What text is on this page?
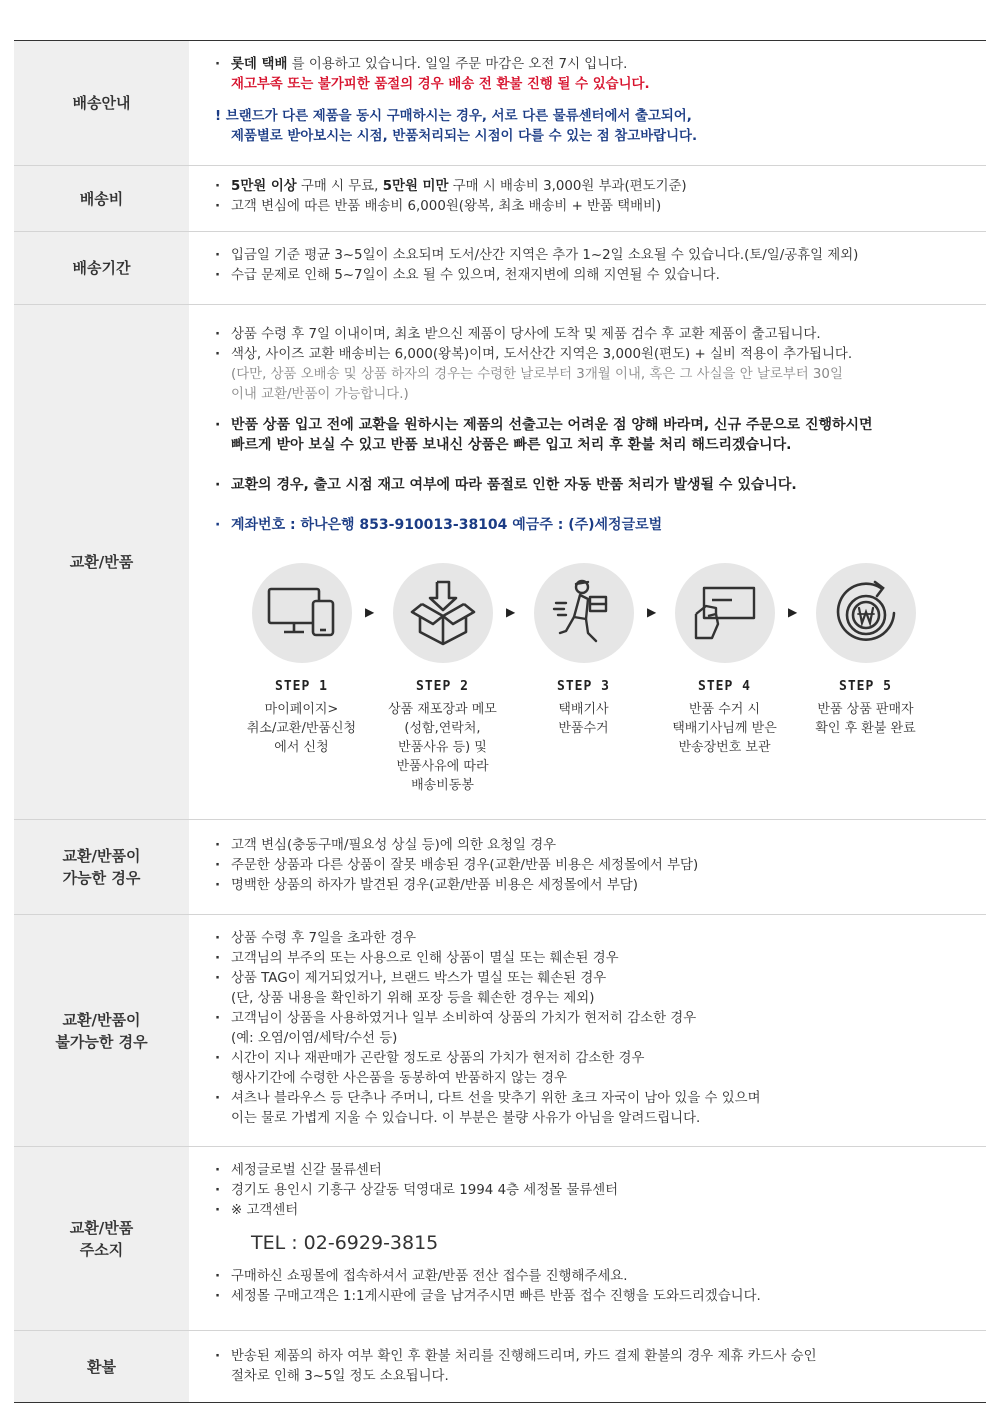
배송안내
· 롯데 택배 를 이용하고 있습니다. 일일 주문 마감은 오전 7시 입니다.
재고부족 또는 불가피한 품절의 경우 배송 전 환불 진행 될 수 있습니다.
! 브랜드가 다른 제품을 동시 구매하시는 경우, 서로 다른 물류센터에서 출고되어,
제품별로 받아보시는 시점, 반품처리되는 시점이 다를 수 있는 점 참고바랍니다.
배송비
· 5만원 이상 구매 시 무료, 5만원 미만 구매 시 배송비 3,000원 부과(편도기준)
· 고객 변심에 따른 반품 배송비 6,000원(왕복, 최초 배송비 + 반품 택배비)
배송기간
· 입금일 기준 평균 3~5일이 소요되며 도서/산간 지역은 추가 1~2일 소요될 수 있습니다.(토/일/공휴일 제외)
· 수급 문제로 인해 5~7일이 소요 될 수 있으며, 천재지변에 의해 지연될 수 있습니다.
교환/반품
· 상품 수령 후 7일 이내이며, 최초 받으신 제품이 당사에 도착 및 제품 검수 후 교환 제품이 출고됩니다.
· 색상, 사이즈 교환 배송비는 6,000(왕복)이며, 도서산간 지역은 3,000원(편도) + 실비 적용이 추가됩니다.
(다만, 상품 오배송 및 상품 하자의 경우는 수령한 날로부터 3개월 이내, 혹은 그 사실을 안 날로부터 30일
이내 교환/반품이 가능합니다.)
· 반품 상품 입고 전에 교환을 원하시는 제품의 선출고는 어려운 점 양해 바라며, 신규 주문으로 진행하시면
빠르게 받아 보실 수 있고 반품 보내신 상품은 빠른 입고 처리 후 환불 처리 해드리겠습니다.
· 교환의 경우, 출고 시점 재고 여부에 따라 품절로 인한 자동 반품 처리가 발생될 수 있습니다.
· 계좌번호 : 하나은행 853-910013-38104 예금주 : (주)세정글로벌
STEP 1
마이페이지>
취소/교환/반품신청
에서 신청
▶
STEP 2
상품 재포장과 메모
(성함,연락처,
반품사유 등) 및
반품사유에 따라
배송비동봉
▶
STEP 3
택배기사
반품수거
▶
STEP 4
반품 수거 시
택배기사님께 받은
반송장번호 보관
▶
STEP 5
반품 상품 판매자
확인 후 환불 완료
교환/반품이
가능한 경우
· 고객 변심(충동구매/필요성 상실 등)에 의한 요청일 경우
· 주문한 상품과 다른 상품이 잘못 배송된 경우(교환/반품 비용은 세정몰에서 부담)
· 명백한 상품의 하자가 발견된 경우(교환/반품 비용은 세정몰에서 부담)
교환/반품이
불가능한 경우
· 상품 수령 후 7일을 초과한 경우
· 고객님의 부주의 또는 사용으로 인해 상품이 멸실 또는 훼손된 경우
· 상품 TAG이 제거되었거나, 브랜드 박스가 멸실 또는 훼손된 경우
(단, 상품 내용을 확인하기 위해 포장 등을 훼손한 경우는 제외)
· 고객님이 상품을 사용하였거나 일부 소비하여 상품의 가치가 현저히 감소한 경우
(예: 오염/이염/세탁/수선 등)
· 시간이 지나 재판매가 곤란할 정도로 상품의 가치가 현저히 감소한 경우
행사기간에 수령한 사은품을 동봉하여 반품하지 않는 경우
· 셔츠나 블라우스 등 단추나 주머니, 다트 선을 맞추기 위한 초크 자국이 남아 있을 수 있으며
이는 물로 가볍게 지울 수 있습니다. 이 부분은 불량 사유가 아님을 알려드립니다.
교환/반품
주소지
· 세정글로벌 신갈 물류센터
· 경기도 용인시 기흥구 상갈동 덕영대로 1994 4층 세정몰 물류센터
· ※ 고객센터
TEL : 02-6929-3815
· 구매하신 쇼핑몰에 접속하셔서 교환/반품 전산 접수를 진행해주세요.
· 세정몰 구매고객은 1:1게시판에 글을 남겨주시면 빠른 반품 접수 진행을 도와드리겠습니다.
환불
· 반송된 제품의 하자 여부 확인 후 환불 처리를 진행해드리며, 카드 결제 환불의 경우 제휴 카드사 승인
절차로 인해 3~5일 정도 소요됩니다.
